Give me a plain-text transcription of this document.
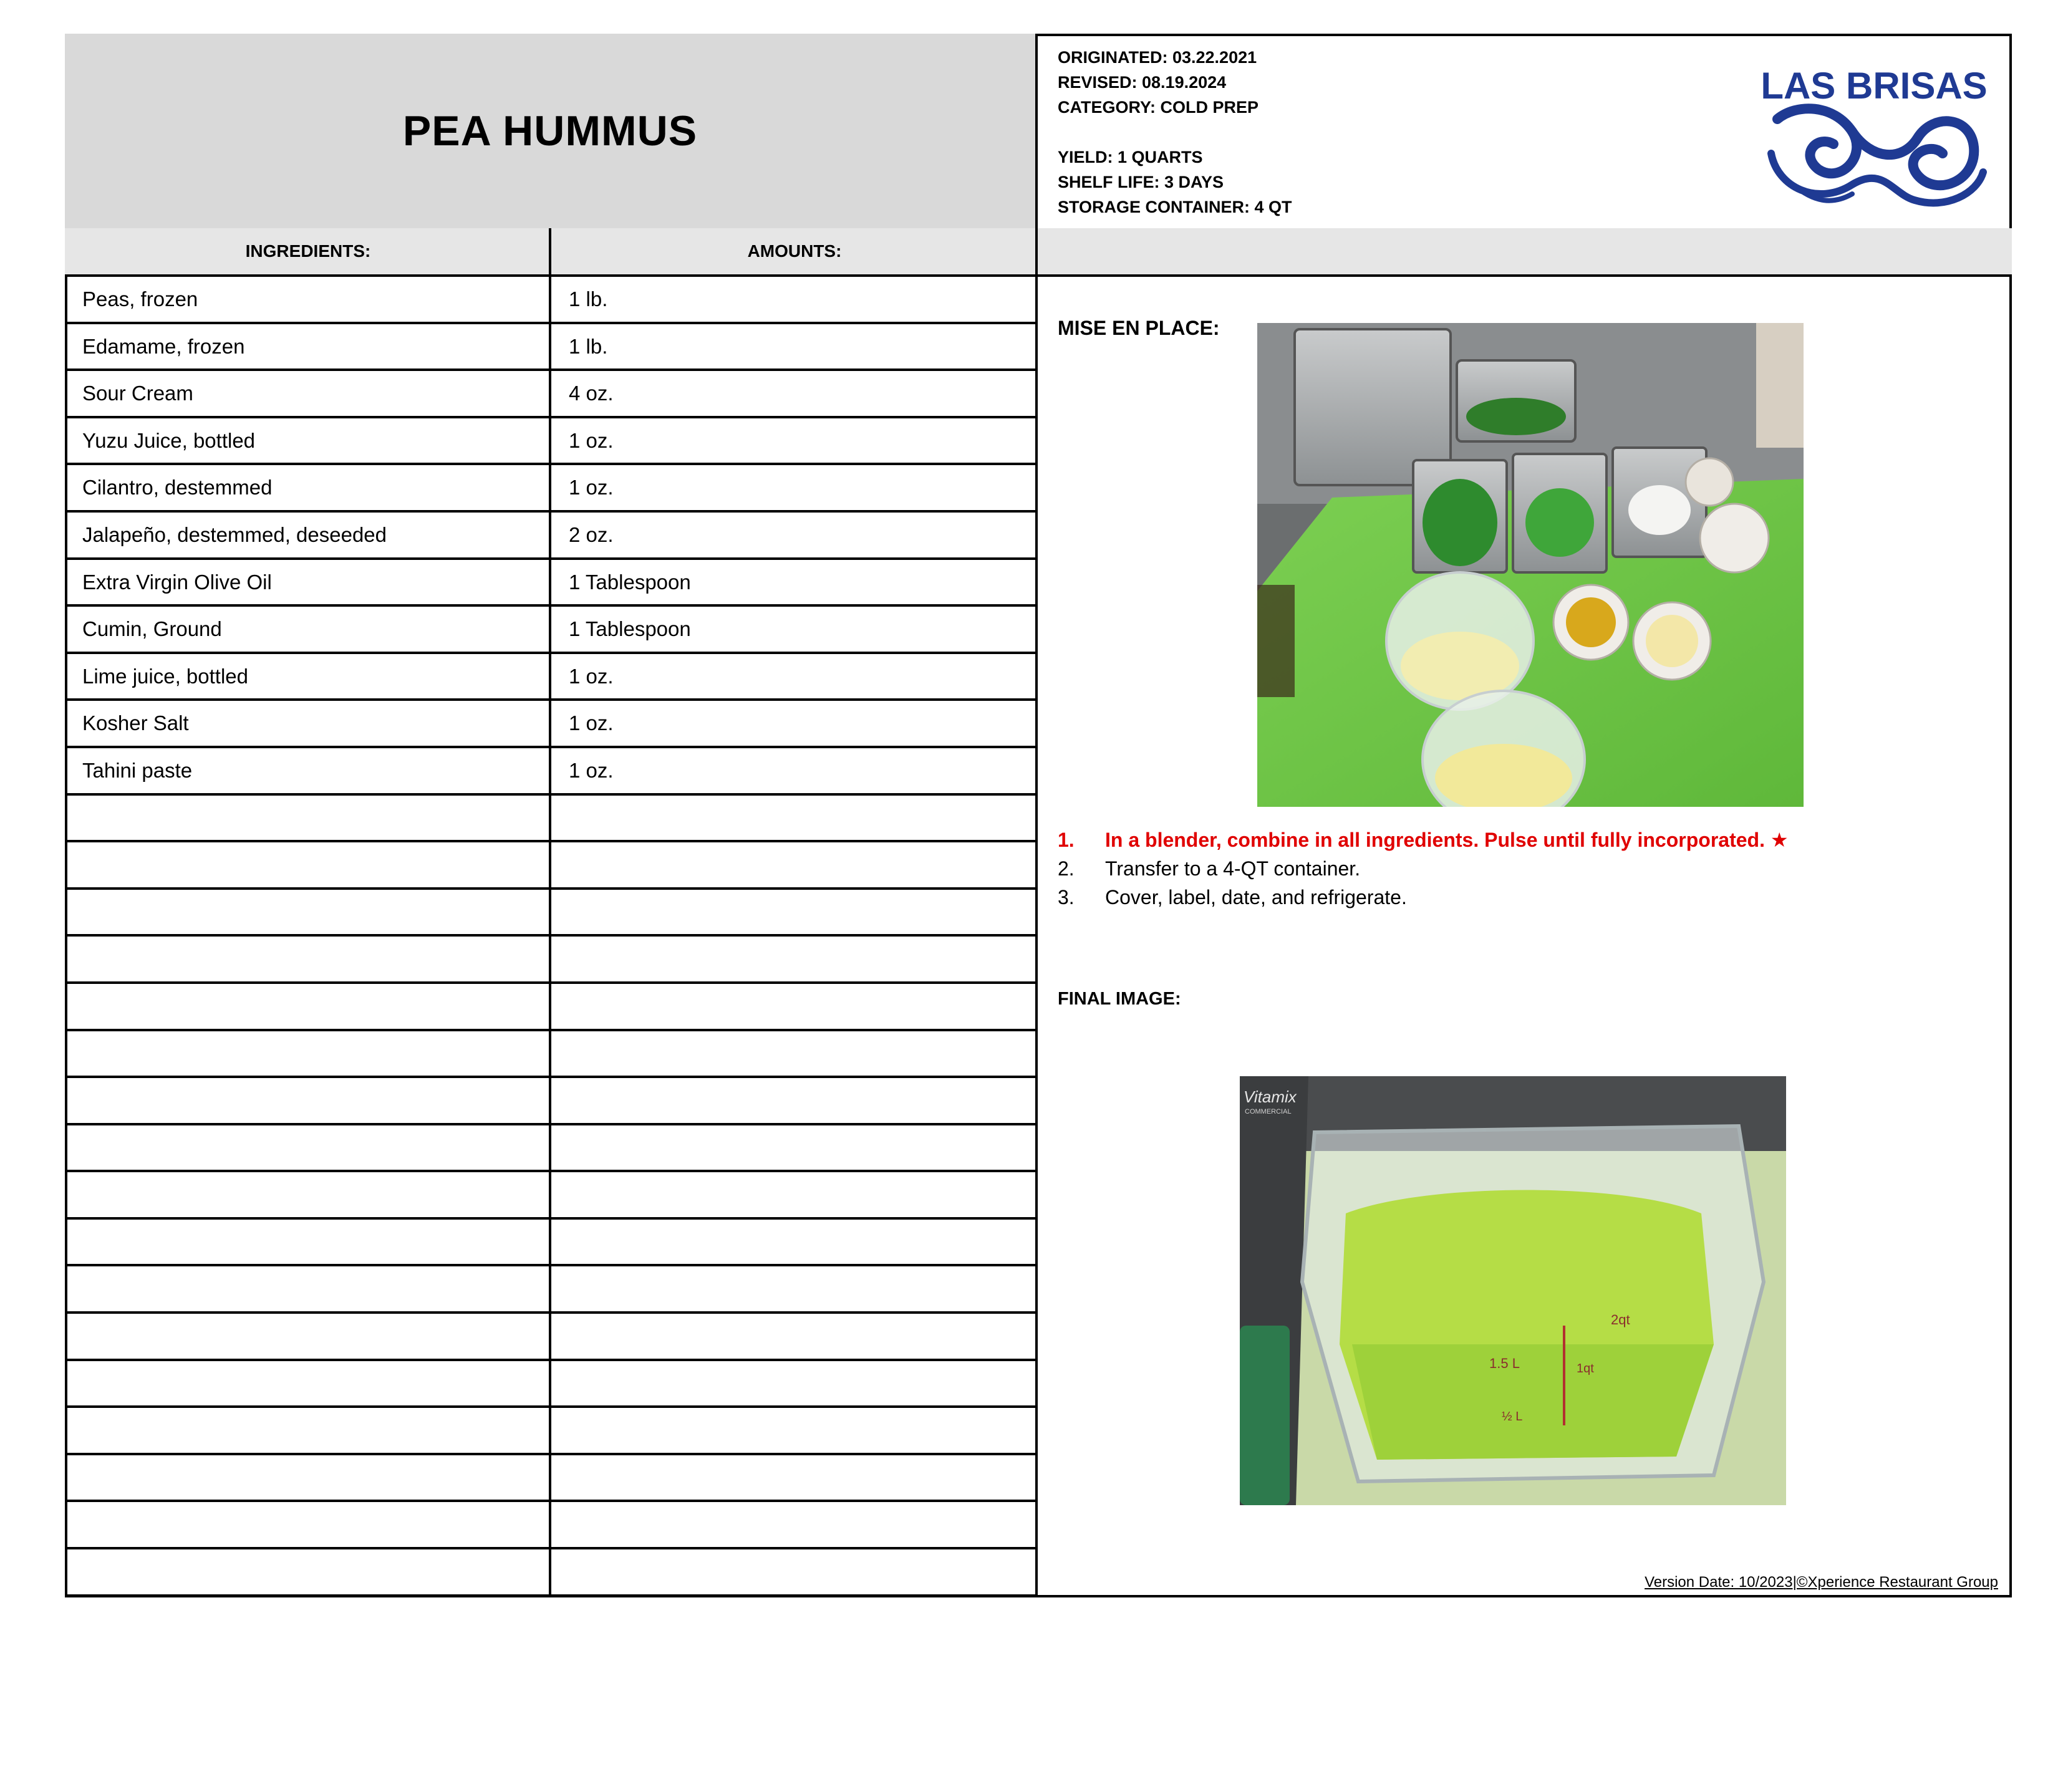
PEA HUMMUS
ORIGINATED: 03.22.2021
REVISED: 08.19.2024
CATEGORY: COLD PREP
YIELD: 1 QUARTS
SHELF LIFE: 3 DAYS
STORAGE CONTAINER: 4 QT
LAS BRISAS
INGREDIENTS:	AMOUNTS:
Peas, frozen	1 lb.
Edamame, frozen	1 lb.
Sour Cream	4 oz.
Yuzu Juice, bottled	1 oz.
Cilantro, destemmed	1 oz.
Jalapeño, destemmed, deseeded	2 oz.
Extra Virgin Olive Oil	1 Tablespoon
Cumin, Ground	1 Tablespoon
Lime juice, bottled	1 oz.
Kosher Salt	1 oz.
Tahini paste	1 oz.
MISE EN PLACE:
1.	In a blender, combine in all ingredients. Pulse until fully incorporated. ★
2.	Transfer to a 4-QT container.
3.	Cover, label, date, and refrigerate.
FINAL IMAGE:
Vitamix
COMMERCIAL
1.5 L
2qt
½ L
1qt
Version Date: 10/2023|©Xperience Restaurant Group
